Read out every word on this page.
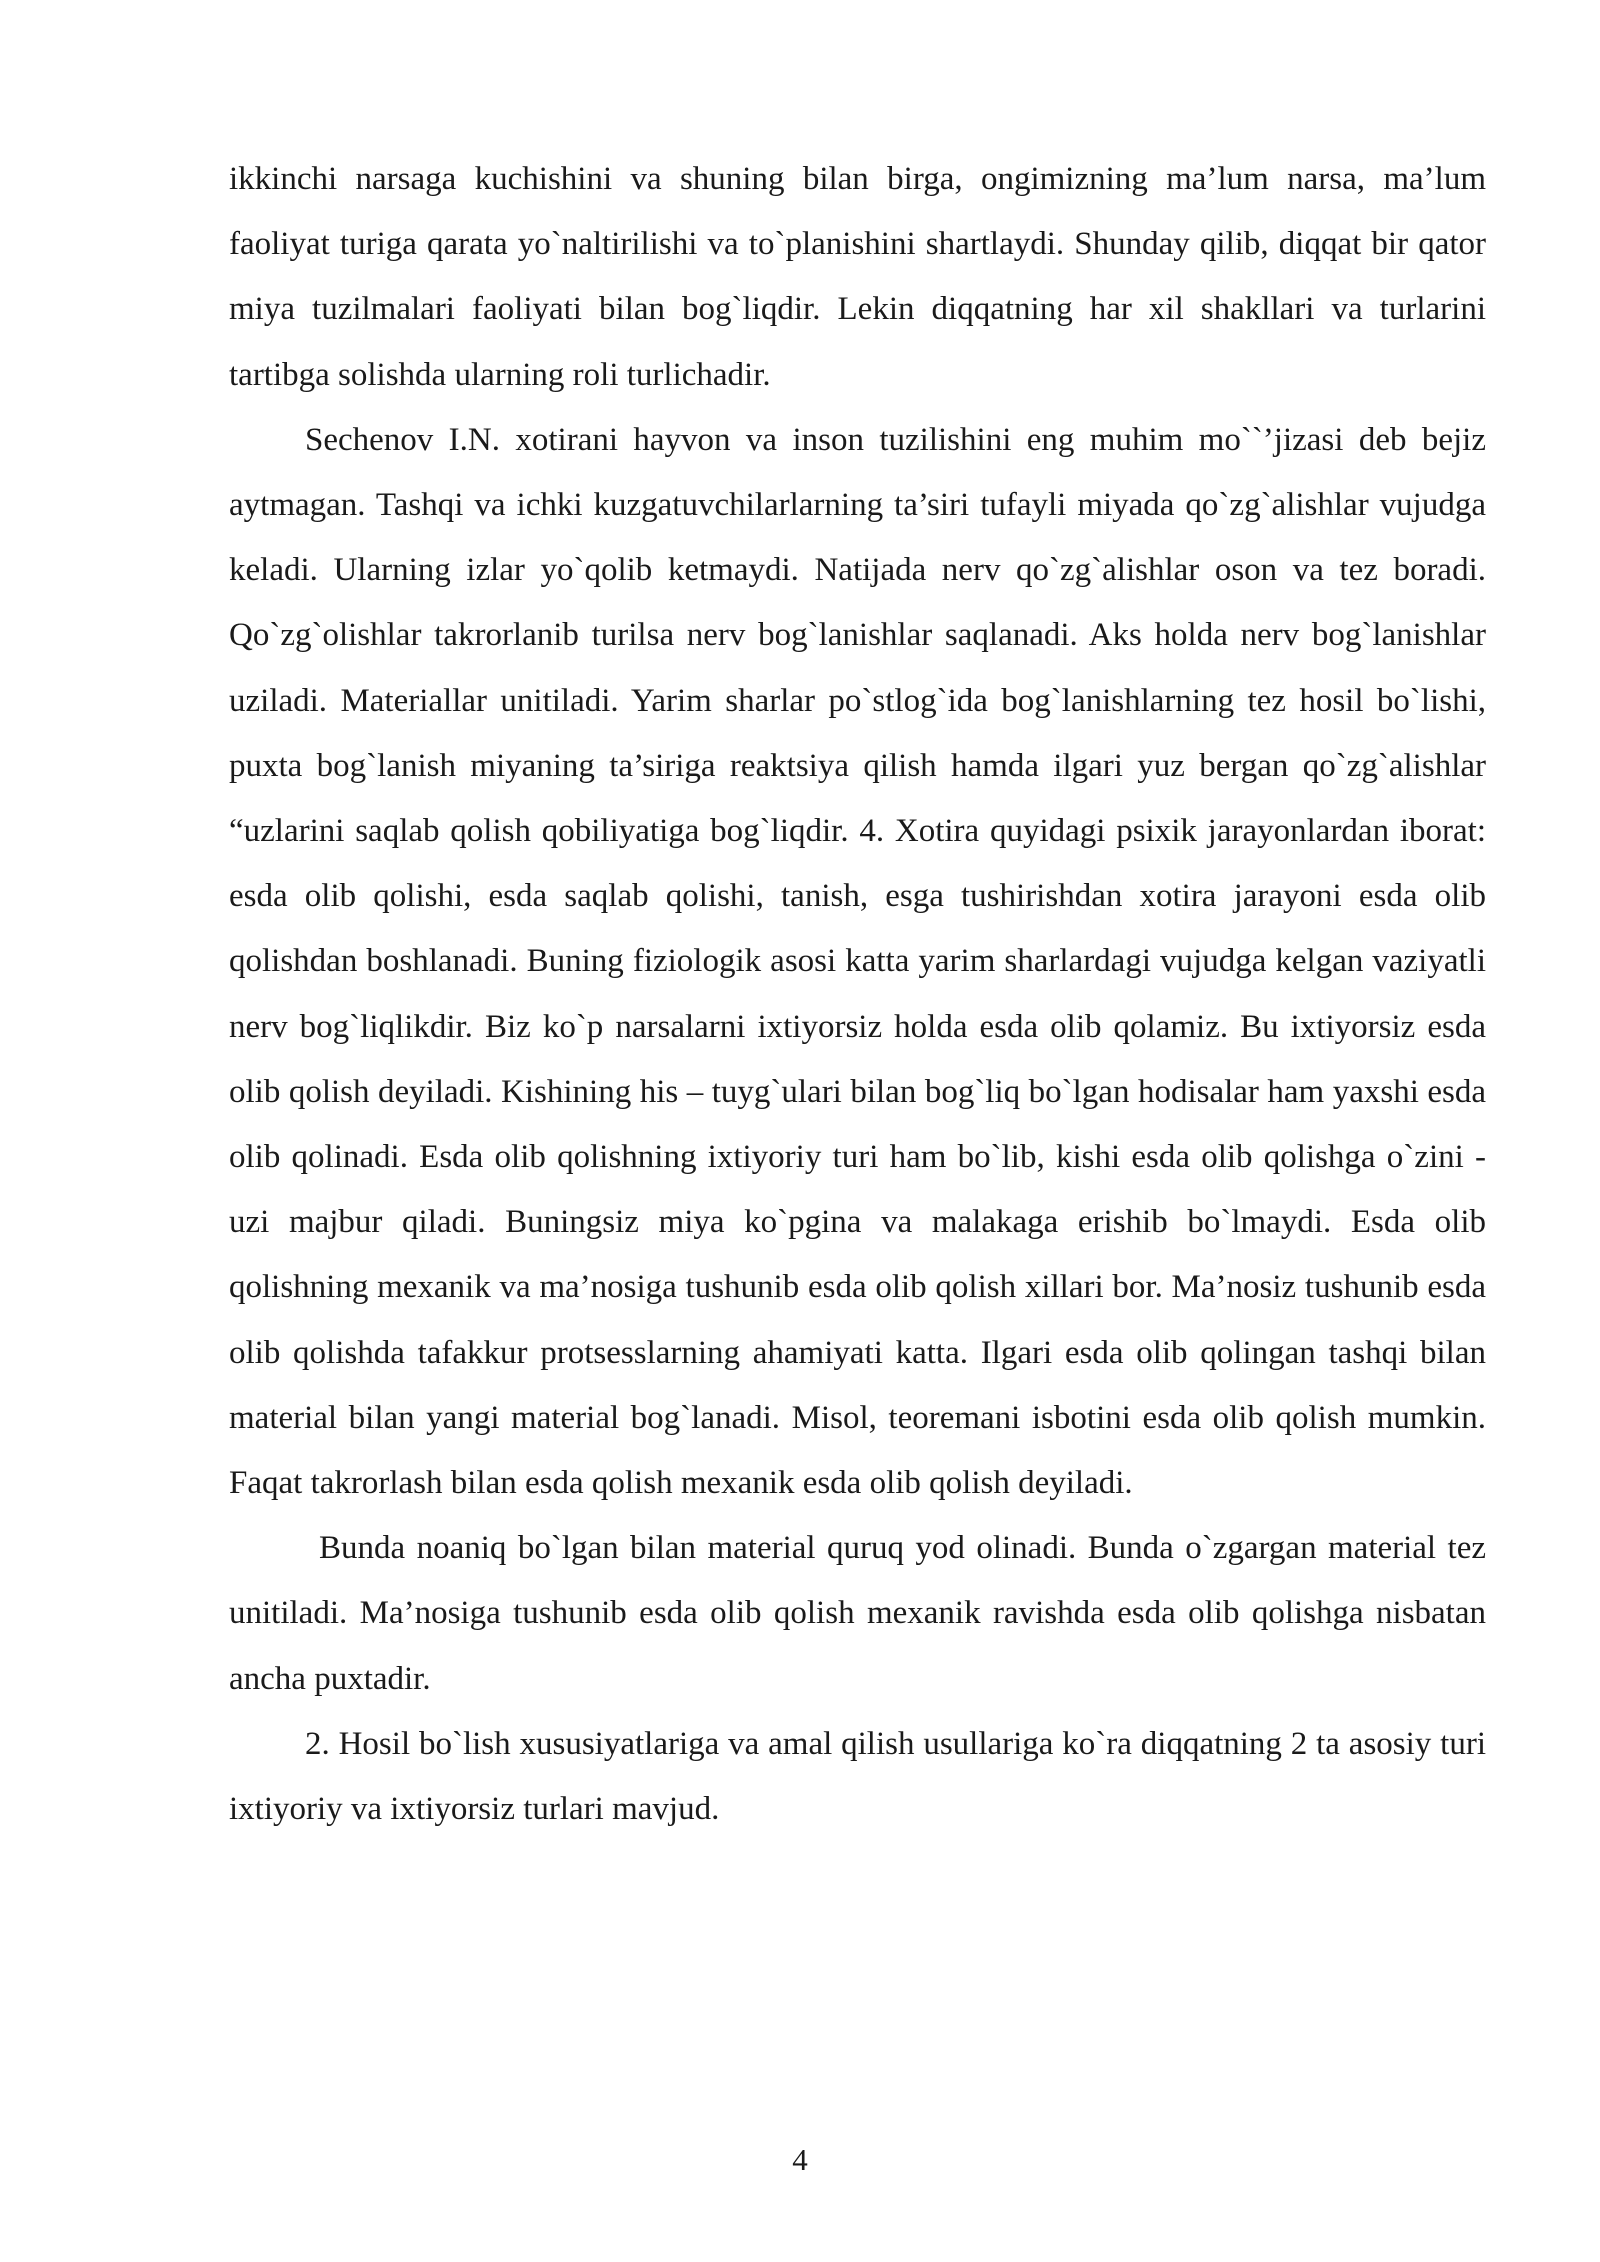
ikkinchi narsaga kuchishini va shuning bilan birga, ongimizning ma’lum narsa, ma’lum faoliyat turiga qarata yo`naltirilishi va to`planishini shartlaydi. Shunday qilib, diqqat bir qator miya tuzilmalari faoliyati bilan bog`liqdir. Lekin diqqatning har xil shakllari va turlarini tartibga solishda ularning roli turlichadir.

Sechenov I.N. xotirani hayvon va inson tuzilishini eng muhim mo``’jizasi deb bejiz aytmagan. Tashqi va ichki kuzgatuvchilarlarning ta’siri tufayli miyada qo`zg`alishlar vujudga keladi. Ularning izlar yo`qolib ketmaydi. Natijada nerv qo`zg`alishlar oson va tez boradi. Qo`zg`olishlar takrorlanib turilsa nerv bog`lanishlar saqlanadi. Aks holda nerv bog`lanishlar uziladi. Materiallar unitiladi. Yarim sharlar po`stlog`ida bog`lanishlarning tez hosil bo`lishi, puxta bog`lanish miyaning ta’siriga reaktsiya qilish hamda ilgari yuz bergan qo`zg`alishlar “uzlarini saqlab qolish qobiliyatiga bog`liqdir. 4. Xotira quyidagi psixik jarayonlardan iborat: esda olib qolishi, esda saqlab qolishi, tanish, esga tushirishdan xotira jarayoni esda olib qolishdan boshlanadi. Buning fiziologik asosi katta yarim sharlardagi vujudga kelgan vaziyatli nerv bog`liqlikdir. Biz ko`p narsalarni ixtiyorsiz holda esda olib qolamiz. Bu ixtiyorsiz esda olib qolish deyiladi. Kishining his – tuyg`ulari bilan bog`liq bo`lgan hodisalar ham yaxshi esda olib qolinadi. Esda olib qolishning ixtiyoriy turi ham bo`lib, kishi esda olib qolishga o`zini - uzi majbur qiladi. Buningsiz miya ko`pgina va malakaga erishib bo`lmaydi. Esda olib qolishning mexanik va ma’nosiga tushunib esda olib qolish xillari bor. Ma’nosiz tushunib esda olib qolishda tafakkur protsesslarning ahamiyati katta. Ilgari esda olib qolingan tashqi bilan material bilan yangi material bog`lanadi. Misol, teoremani isbotini esda olib qolish mumkin. Faqat takrorlash bilan esda qolish mexanik esda olib qolish deyiladi.

Bunda noaniq bo`lgan bilan material quruq yod olinadi. Bunda o`zgargan material tez unitiladi. Ma’nosiga tushunib esda olib qolish mexanik ravishda esda olib qolishga nisbatan ancha puxtadir.

2. Hosil bo`lish xususiyatlariga va amal qilish usullariga ko`ra diqqatning 2 ta asosiy turi ixtiyoriy va ixtiyorsiz turlari mavjud.

4
